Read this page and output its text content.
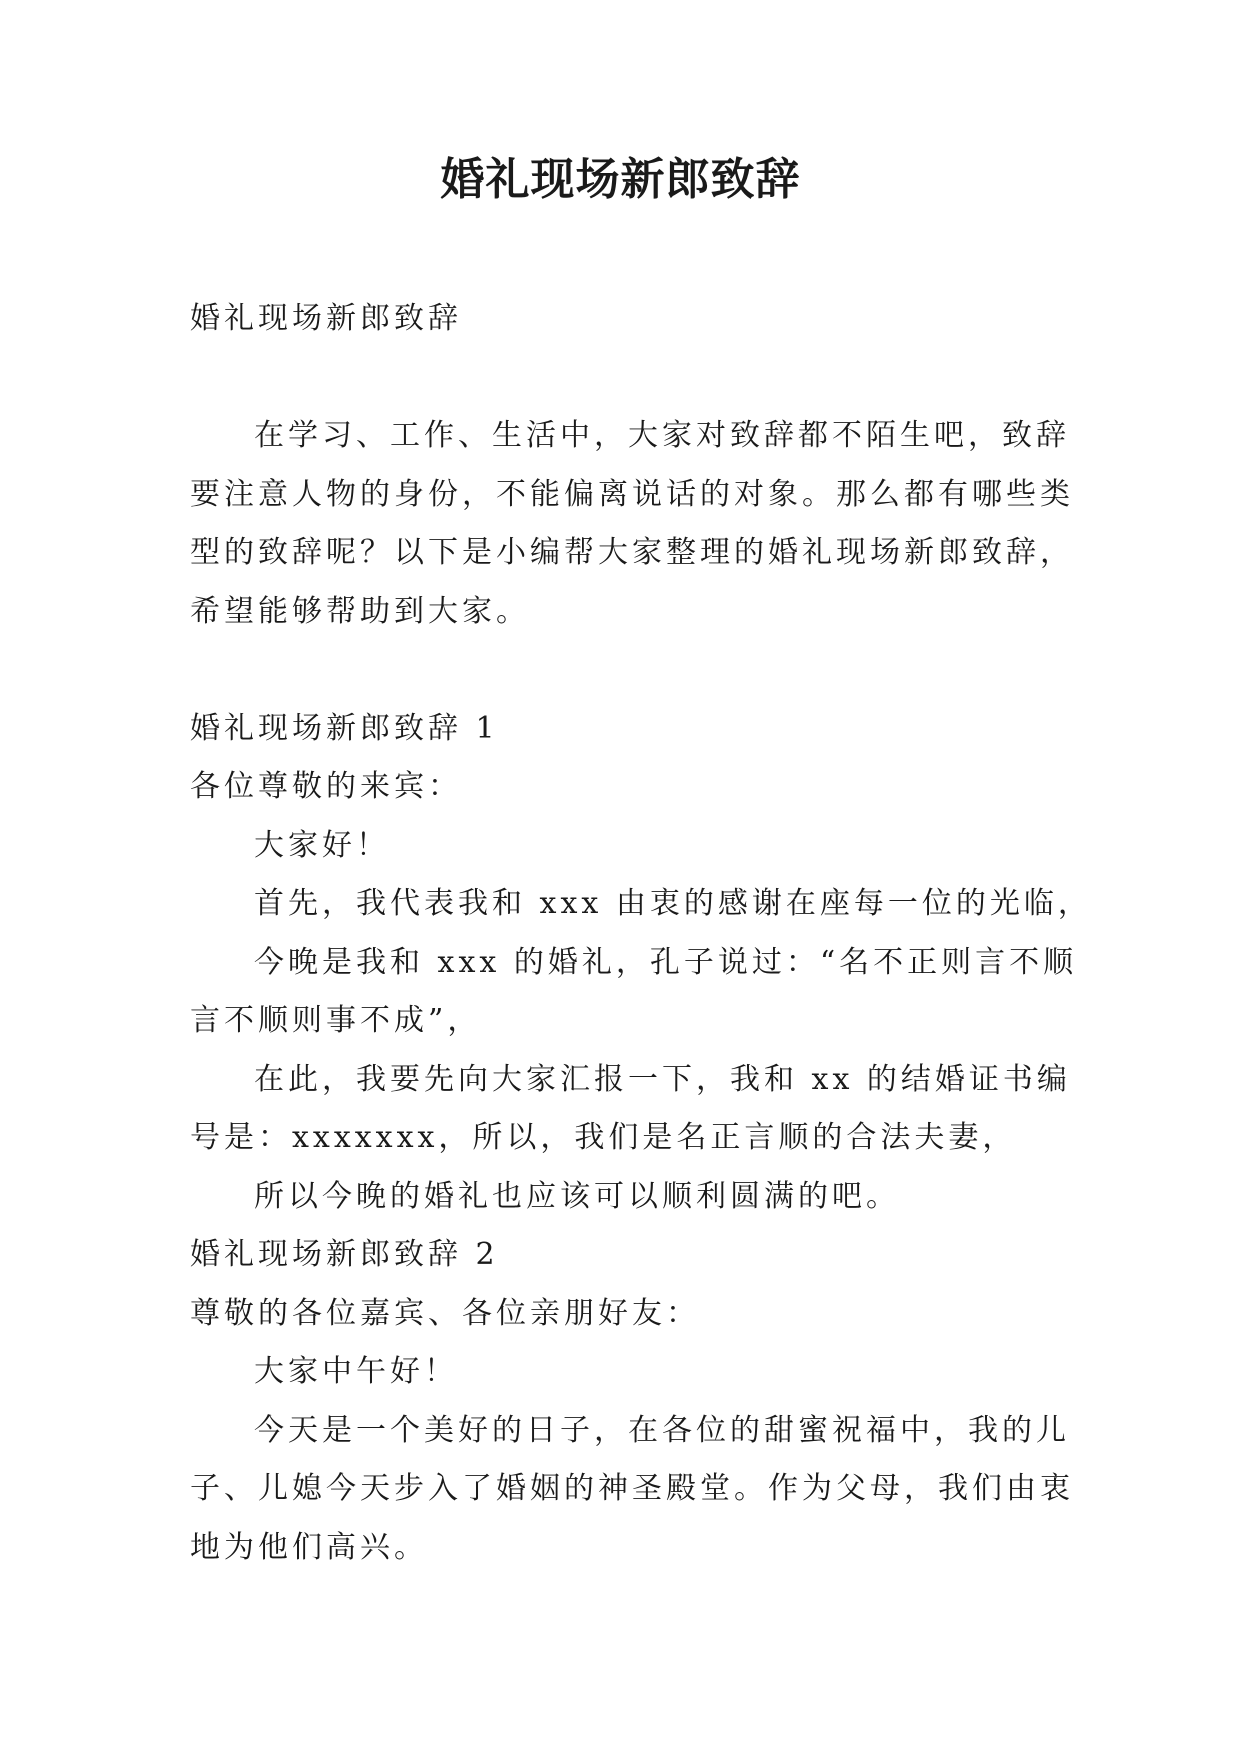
婚礼现场新郎致辞
婚礼现场新郎致辞
在学习、工作、生活中，大家对致辞都不陌生吧，致辞
要注意人物的身份，不能偏离说话的对象。那么都有哪些类
型的致辞呢？以下是小编帮大家整理的婚礼现场新郎致辞，
希望能够帮助到大家。
婚礼现场新郎致辞 1
各位尊敬的来宾：
大家好！
首先，我代表我和 xxx 由衷的感谢在座每一位的光临，
今晚是我和 xxx 的婚礼，孔子说过：“名不正则言不顺
言不顺则事不成”，
在此，我要先向大家汇报一下，我和 xx 的结婚证书编
号是：xxxxxxx，所以，我们是名正言顺的合法夫妻，
所以今晚的婚礼也应该可以顺利圆满的吧。
婚礼现场新郎致辞 2
尊敬的各位嘉宾、各位亲朋好友：
大家中午好！
今天是一个美好的日子，在各位的甜蜜祝福中，我的儿
子、儿媳今天步入了婚姻的神圣殿堂。作为父母，我们由衷
地为他们高兴。
